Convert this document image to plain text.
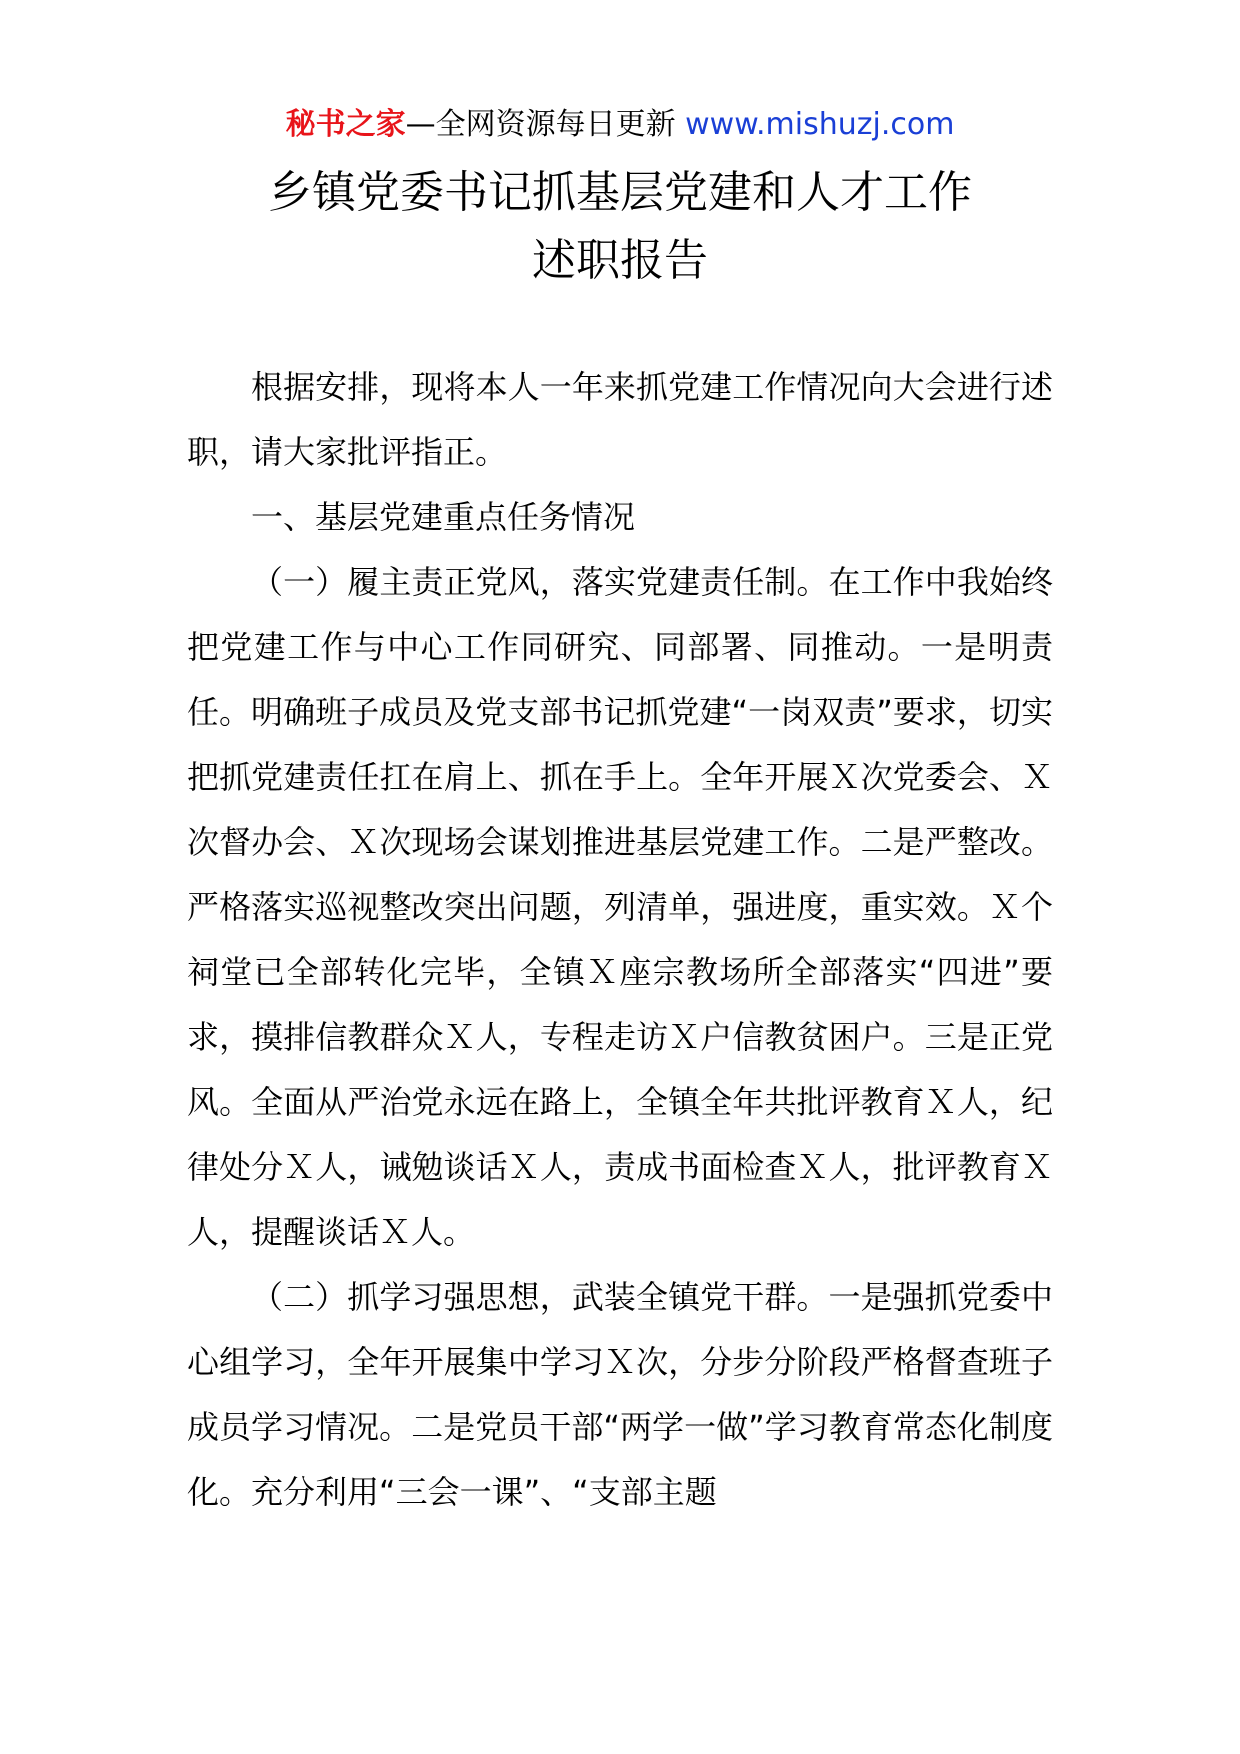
秘书之家—全网资源每日更新 www.mishuzj.com
乡镇党委书记抓基层党建和人才工作
述职报告

根据安排，现将本人一年来抓党建工作情况向大会进行述职，请大家批评指正。

一、基层党建重点任务情况

（一）履主责正党风，落实党建责任制。在工作中我始终把党建工作与中心工作同研究、同部署、同推动。一是明责任。明确班子成员及党支部书记抓党建“一岗双责”要求，切实把抓党建责任扛在肩上、抓在手上。全年开展Ｘ次党委会、Ｘ次督办会、Ｘ次现场会谋划推进基层党建工作。二是严整改。严格落实巡视整改突出问题，列清单，强进度，重实效。Ｘ个祠堂已全部转化完毕，全镇Ｘ座宗教场所全部落实“四进”要求，摸排信教群众Ｘ人，专程走访Ｘ户信教贫困户。三是正党风。全面从严治党永远在路上，全镇全年共批评教育Ｘ人，纪律处分Ｘ人，诫勉谈话Ｘ人，责成书面检查Ｘ人，批评教育Ｘ人，提醒谈话Ｘ人。

（二）抓学习强思想，武装全镇党干群。一是强抓党委中心组学习，全年开展集中学习Ｘ次，分步分阶段严格督查班子成员学习情况。二是党员干部“两学一做”学习教育常态化制度化。充分利用“三会一课”、“支部主题
